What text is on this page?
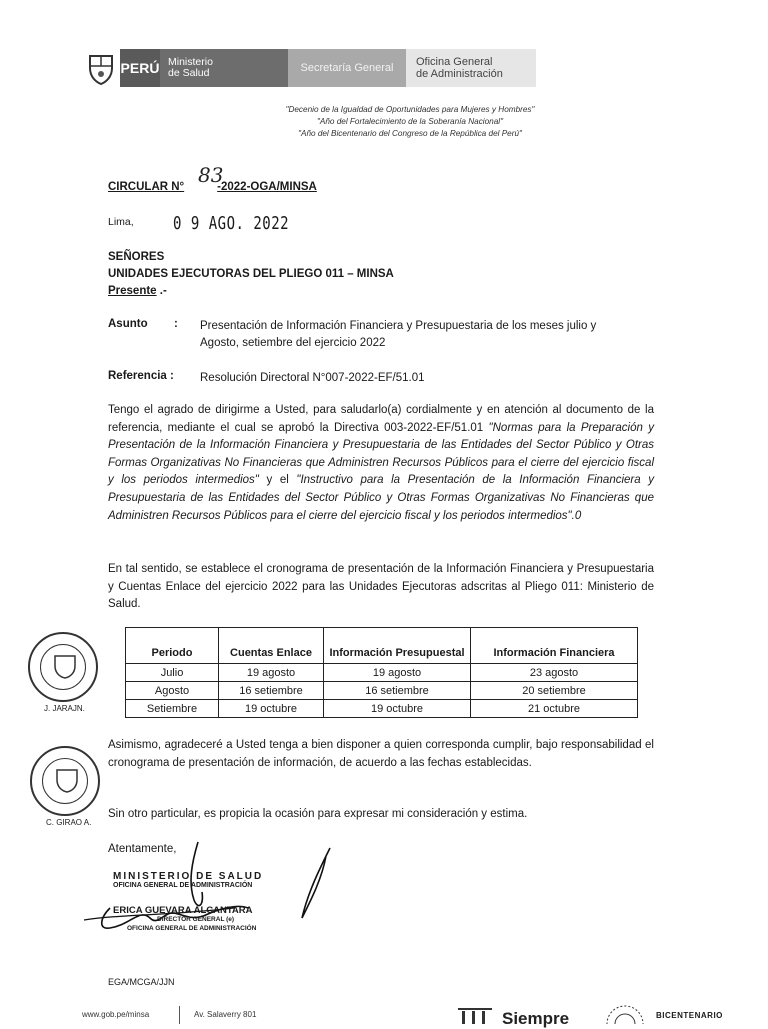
PERÚ Ministerio
de Salud	Secretaría General	Oficina General
de Administración
"Decenio de la Igualdad de Oportunidades para Mujeres y Hombres"
"Año del Fortalecimiento de la Soberanía Nacional"
"Año del Bicentenario del Congreso de la República del Perú"
CIRCULAR N°	-2022-OGA/MINSA
83
Lima,	0 9 AGO. 2022
SEÑORES
UNIDADES EJECUTORAS DEL PLIEGO 011 – MINSA
Presente .-
Asunto : Presentación de Información Financiera y Presupuestaria de los meses julio y
Agosto, setiembre del ejercicio 2022
Referencia : Resolución Directoral N°007-2022-EF/51.01
Tengo el agrado de dirigirme a Usted, para saludarlo(a) cordialmente y en atención al documento de la referencia, mediante el cual se aprobó la Directiva 003-2022-EF/51.01 "Normas para la Preparación y Presentación de la Información Financiera y Presupuestaria de las Entidades del Sector Público y Otras Formas Organizativas No Financieras que Administren Recursos Públicos para el cierre del ejercicio fiscal y los periodos intermedios" y el "Instructivo para la Presentación de la Información Financiera y Presupuestaria de las Entidades del Sector Público y Otras Formas Organizativas No Financieras que Administren Recursos Públicos para el cierre del ejercicio fiscal y los periodos intermedios".0
En tal sentido, se establece el cronograma de presentación de la Información Financiera y Presupuestaria y Cuentas Enlace del ejercicio 2022 para las Unidades Ejecutoras adscritas al Pliego 011: Ministerio de Salud.
Periodo	Cuentas Enlace	Información Presupuestal	Información Financiera
Julio	19 agosto	19 agosto	23 agosto
Agosto	16 setiembre	16 setiembre	20 setiembre
Setiembre	19 octubre	19 octubre	21 octubre
J. JARAJN.
C. GIRAO A.
Asimismo, agradeceré a Usted tenga a bien disponer a quien corresponda cumplir, bajo responsabilidad el cronograma de presentación de información, de acuerdo a las fechas establecidas.
Sin otro particular, es propicia la ocasión para expresar mi consideración y estima.
Atentamente,
MINISTERIO DE SALUD
OFICINA GENERAL DE ADMINISTRACIÓN
ERICA GUEVARA ALCANTARA
DIRECTOR GENERAL (e)
OFICINA GENERAL DE ADMINISTRACIÓN
EGA/MCGA/JJN
www.gob.pe/minsa	Av. Salaverry 801	Siempre	BICENTENARIO
